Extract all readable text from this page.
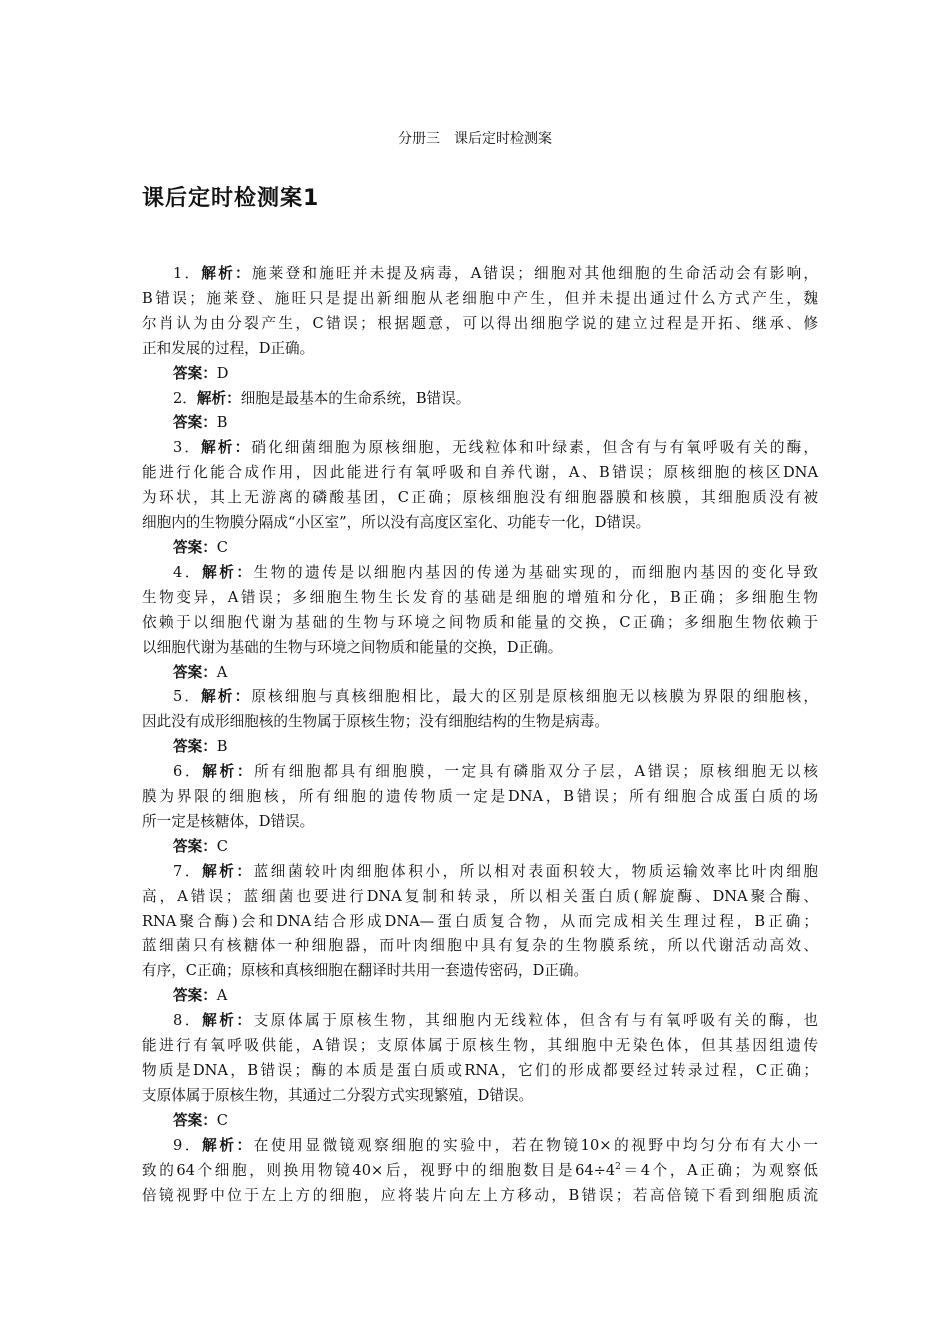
分册三　课后定时检测案
课后定时检测案1
1．解析：施莱登和施旺并未提及病毒，A错误；细胞对其他细胞的生命活动会有影响，
B错误；施莱登、施旺只是提出新细胞从老细胞中产生，但并未提出通过什么方式产生，魏
尔肖认为由分裂产生，C错误；根据题意，可以得出细胞学说的建立过程是开拓、继承、修
正和发展的过程，D正确。
答案：D
2．解析：细胞是最基本的生命系统，B错误。
答案：B
3．解析：硝化细菌细胞为原核细胞，无线粒体和叶绿素，但含有与有氧呼吸有关的酶，
能进行化能合成作用，因此能进行有氧呼吸和自养代谢，A、B错误；原核细胞的核区DNA
为环状，其上无游离的磷酸基团，C正确；原核细胞没有细胞器膜和核膜，其细胞质没有被
细胞内的生物膜分隔成“小区室”，所以没有高度区室化、功能专一化，D错误。
答案：C
4．解析：生物的遗传是以细胞内基因的传递为基础实现的，而细胞内基因的变化导致
生物变异，A错误；多细胞生物生长发育的基础是细胞的增殖和分化，B正确；多细胞生物
依赖于以细胞代谢为基础的生物与环境之间物质和能量的交换，C正确；多细胞生物依赖于
以细胞代谢为基础的生物与环境之间物质和能量的交换，D正确。
答案：A
5．解析：原核细胞与真核细胞相比，最大的区别是原核细胞无以核膜为界限的细胞核，
因此没有成形细胞核的生物属于原核生物；没有细胞结构的生物是病毒。
答案：B
6．解析：所有细胞都具有细胞膜，一定具有磷脂双分子层，A错误；原核细胞无以核
膜为界限的细胞核，所有细胞的遗传物质一定是DNA，B错误；所有细胞合成蛋白质的场
所一定是核糖体，D错误。
答案：C
7．解析：蓝细菌较叶肉细胞体积小，所以相对表面积较大，物质运输效率比叶肉细胞
高，A错误；蓝细菌也要进行DNA复制和转录，所以相关蛋白质(解旋酶、DNA聚合酶、
RNA聚合酶)会和DNA结合形成DNA—蛋白质复合物，从而完成相关生理过程，B正确；
蓝细菌只有核糖体一种细胞器，而叶肉细胞中具有复杂的生物膜系统，所以代谢活动高效、
有序，C正确；原核和真核细胞在翻译时共用一套遗传密码，D正确。
答案：A
8．解析：支原体属于原核生物，其细胞内无线粒体，但含有与有氧呼吸有关的酶，也
能进行有氧呼吸供能，A错误；支原体属于原核生物，其细胞中无染色体，但其基因组遗传
物质是DNA，B错误；酶的本质是蛋白质或RNA，它们的形成都要经过转录过程，C正确；
支原体属于原核生物，其通过二分裂方式实现繁殖，D错误。
答案：C
9．解析：在使用显微镜观察细胞的实验中，若在物镜10×的视野中均匀分布有大小一
致的64个细胞，则换用物镜40×后，视野中的细胞数目是$64\div 4^2=4$个，A正确；为观察低
倍镜视野中位于左上方的细胞，应将装片向左上方移动，B错误；若高倍镜下看到细胞质流
